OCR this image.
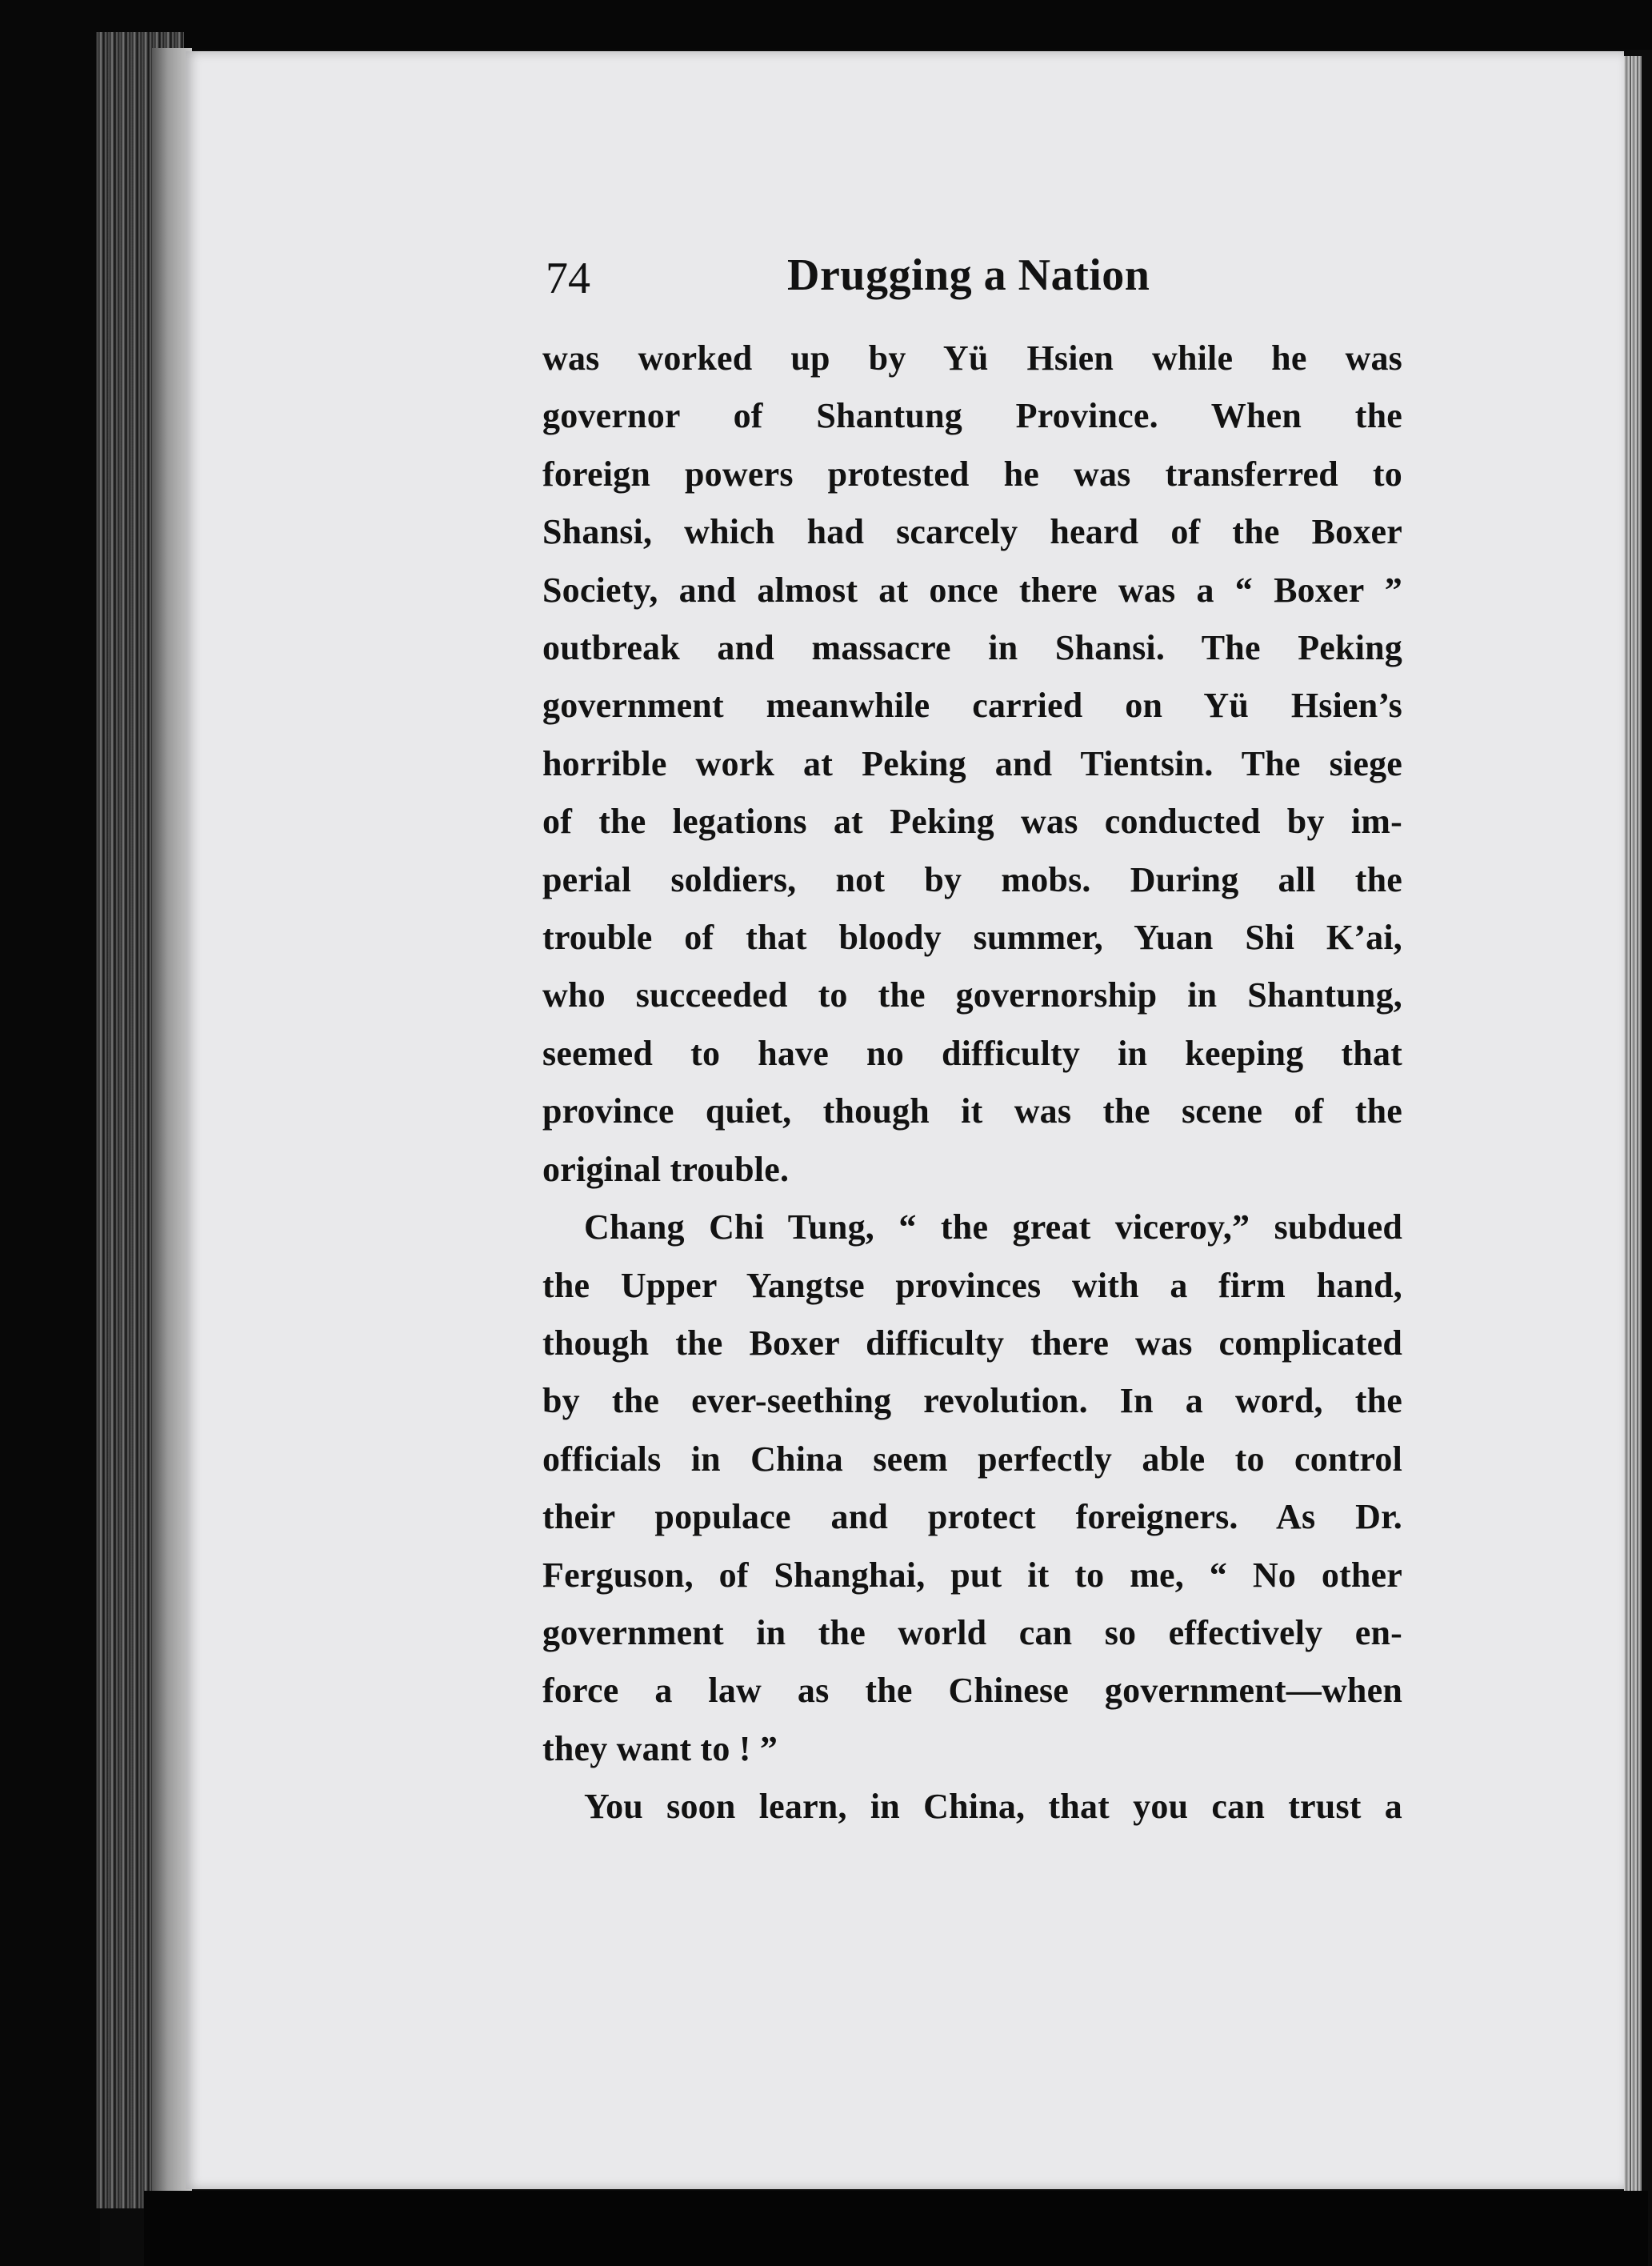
74	Drugging a Nation

was worked up by Yü Hsien while he was
governor of Shantung Province. When the
foreign powers protested he was transferred to
Shansi, which had scarcely heard of the Boxer
Society, and almost at once there was a “ Boxer ”
outbreak and massacre in Shansi. The Peking
government meanwhile carried on Yü Hsien’s
horrible work at Peking and Tientsin. The siege
of the legations at Peking was conducted by im-
perial soldiers, not by mobs. During all the
trouble of that bloody summer, Yuan Shi K’ai,
who succeeded to the governorship in Shantung,
seemed to have no difficulty in keeping that
province quiet, though it was the scene of the
original trouble.

Chang Chi Tung, “ the great viceroy,” subdued
the Upper Yangtse provinces with a firm hand,
though the Boxer difficulty there was complicated
by the ever-seething revolution. In a word, the
officials in China seem perfectly able to control
their populace and protect foreigners. As Dr.
Ferguson, of Shanghai, put it to me, “ No other
government in the world can so effectively en-
force a law as the Chinese government—when
they want to ! ”

You soon learn, in China, that you can trust a
